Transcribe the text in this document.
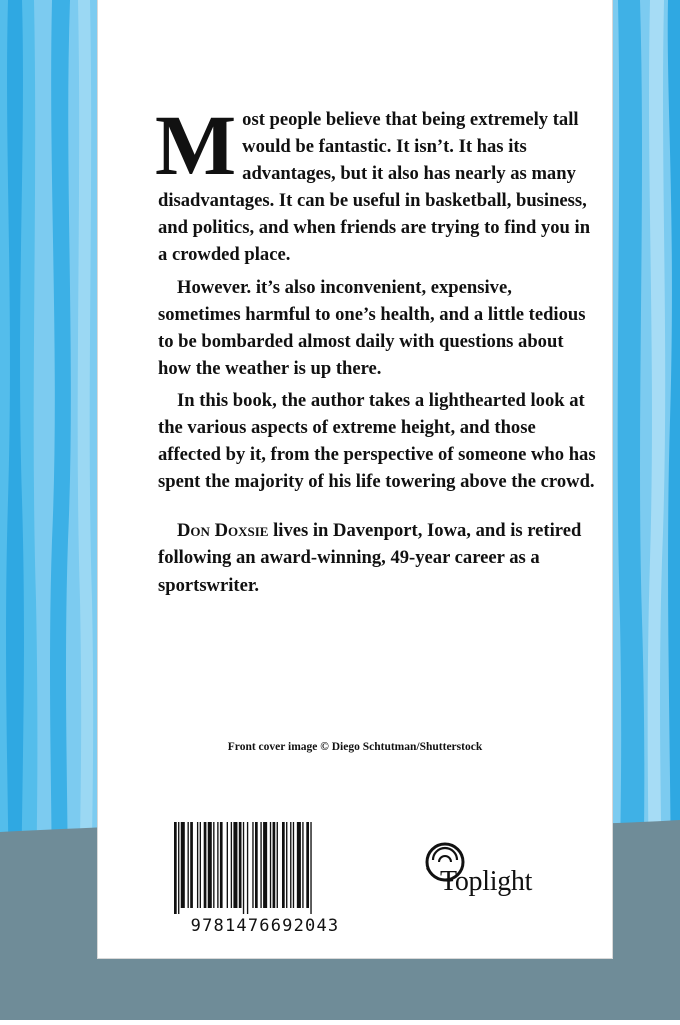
Most people believe that being extremely tall would be fantastic. It isn’t. It has its advantages, but it also has nearly as many disadvantages. It can be useful in basketball, business, and politics, and when friends are trying to find you in a crowded place.

However. it’s also inconvenient, expensive, sometimes harmful to one’s health, and a little tedious to be bombarded almost daily with questions about how the weather is up there.

In this book, the author takes a lighthearted look at the various aspects of extreme height, and those affected by it, from the perspective of someone who has spent the majority of his life towering above the crowd.

Don Doxsie lives in Davenport, Iowa, and is retired following an award-winning, 49-year career as a sportswriter.

Front cover image © Diego Schtutman/Shutterstock
9781476692043
Toplight
